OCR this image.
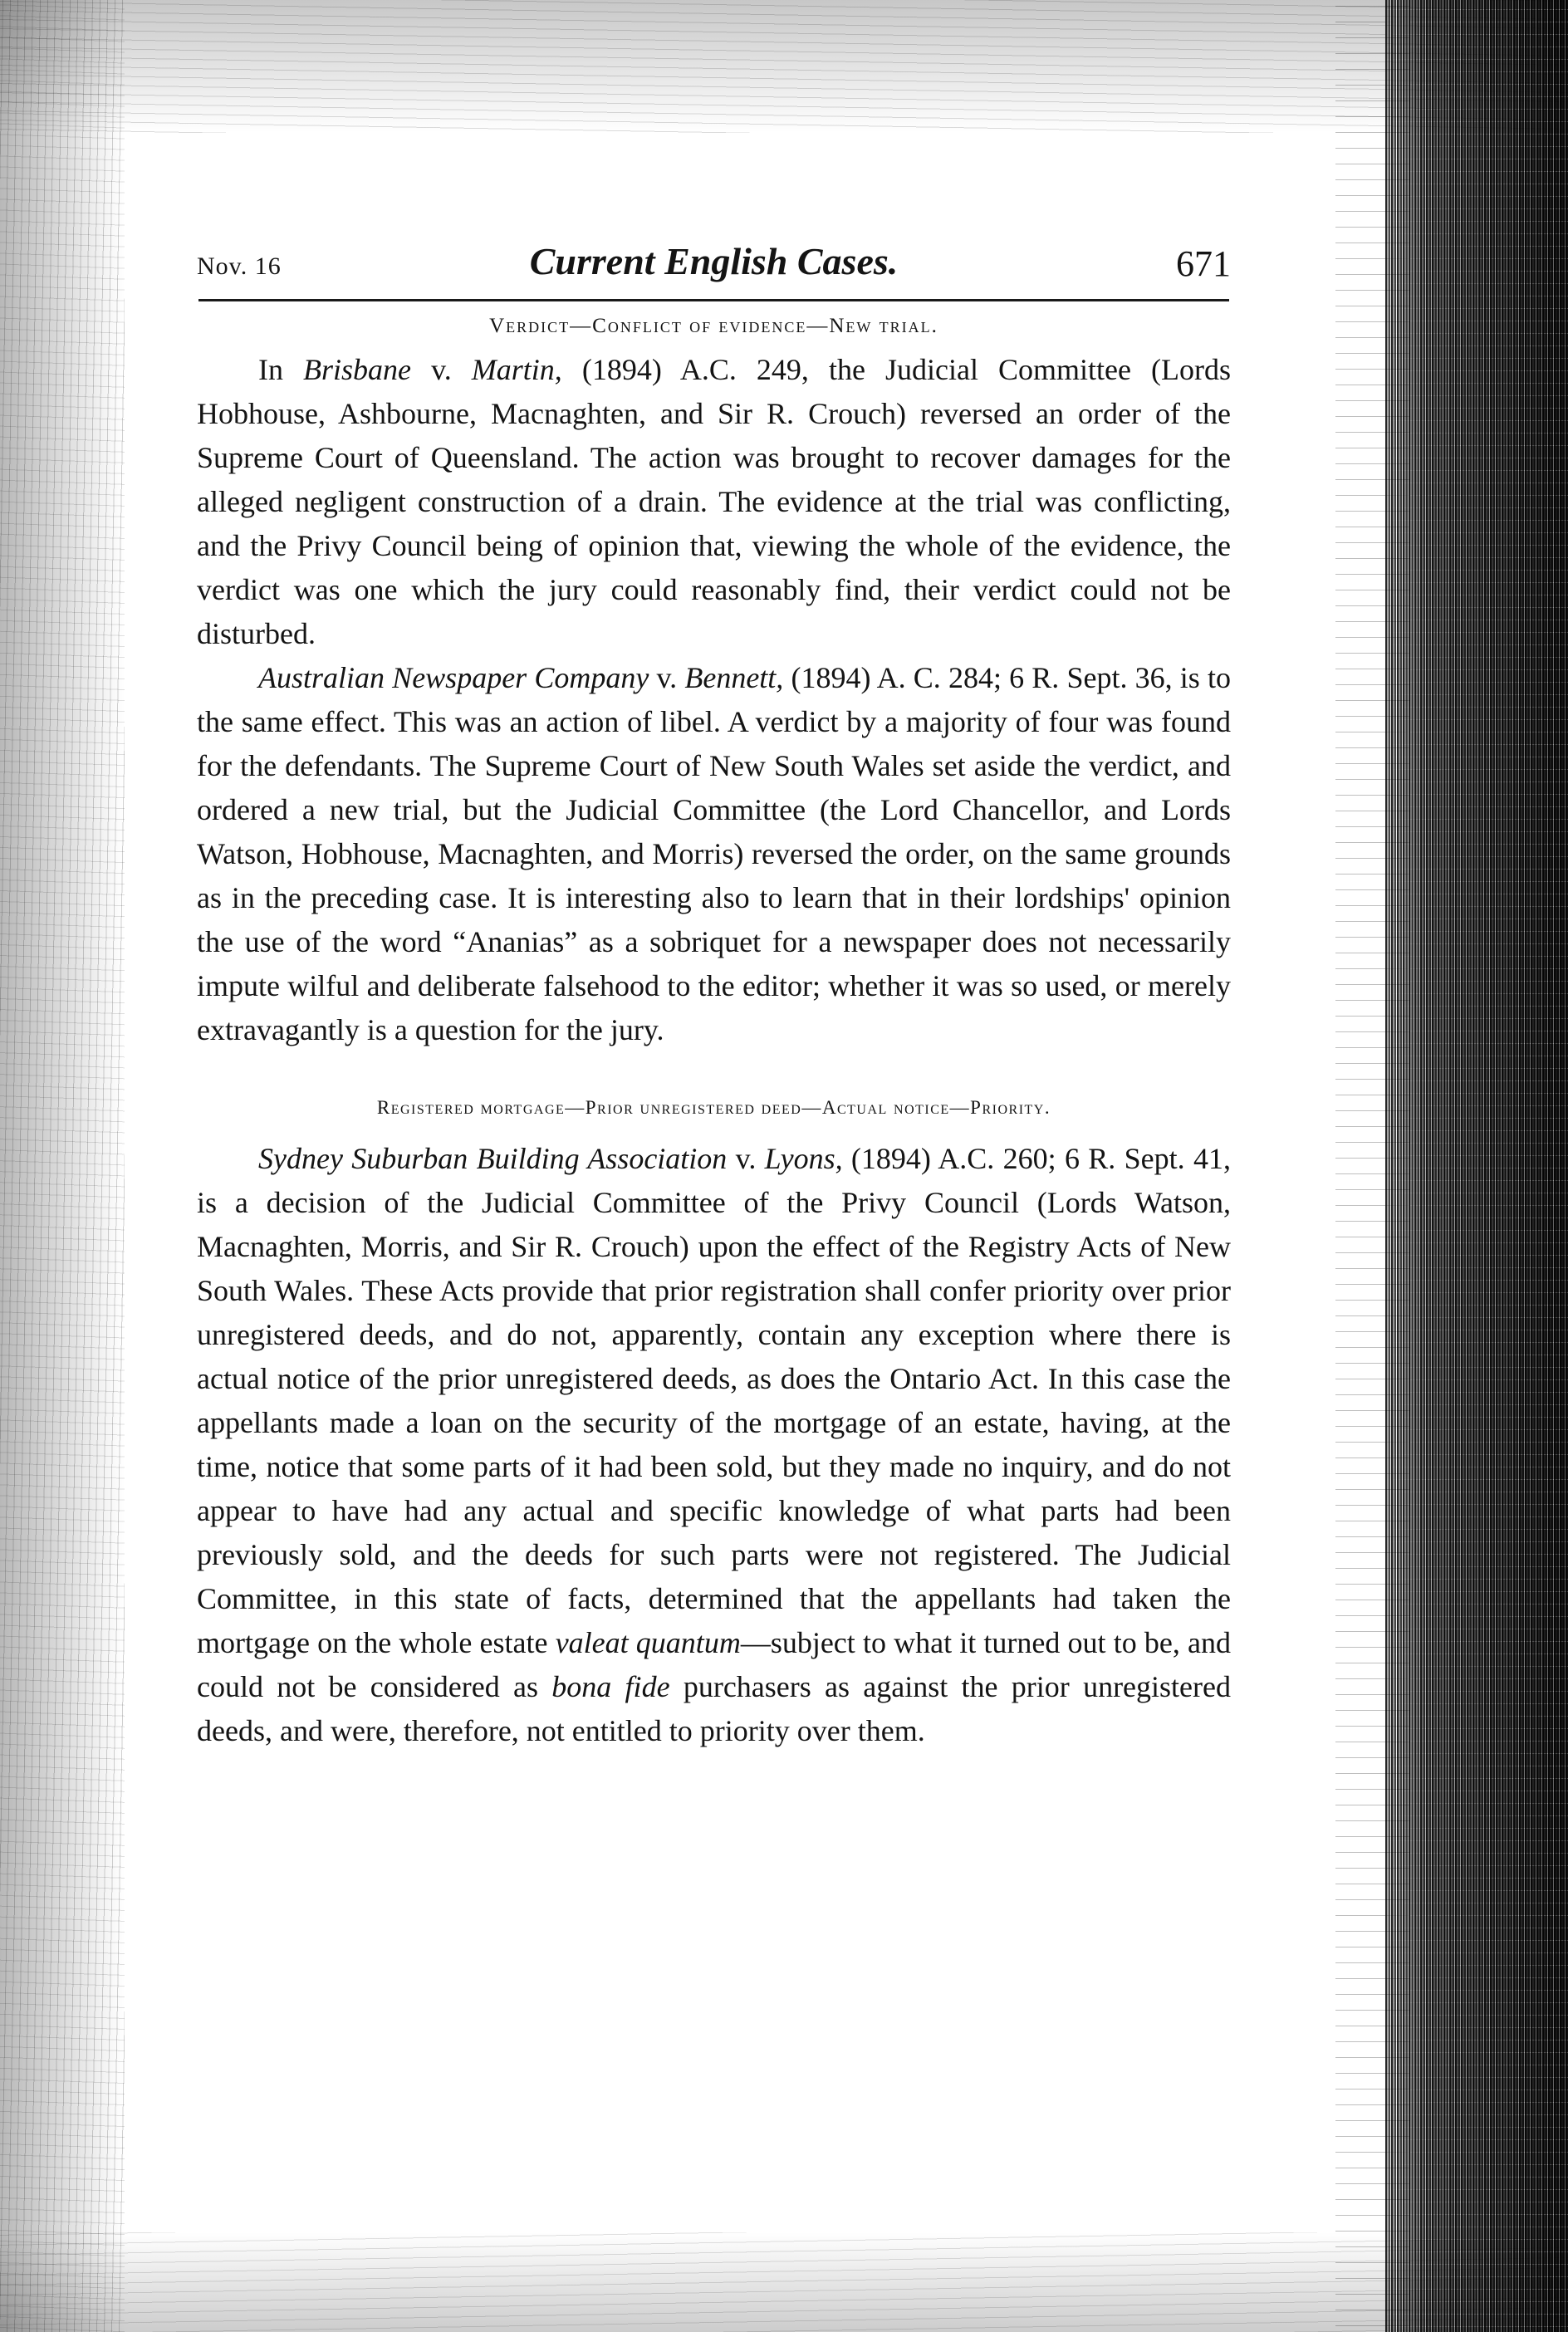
Nov. 16	Current English Cases.	671
Verdict—Conflict of evidence—New trial.

In Brisbane v. Martin, (1894) A.C. 249, the Judicial Committee (Lords Hobhouse, Ashbourne, Macnaghten, and Sir R. Crouch) reversed an order of the Supreme Court of Queensland. The action was brought to recover damages for the alleged negligent construction of a drain. The evidence at the trial was conflicting, and the Privy Council being of opinion that, viewing the whole of the evidence, the verdict was one which the jury could reasonably find, their verdict could not be disturbed.

Australian Newspaper Company v. Bennett, (1894) A. C. 284; 6 R. Sept. 36, is to the same effect. This was an action of libel. A verdict by a majority of four was found for the defendants. The Supreme Court of New South Wales set aside the verdict, and ordered a new trial, but the Judicial Committee (the Lord Chancellor, and Lords Watson, Hobhouse, Macnaghten, and Morris) reversed the order, on the same grounds as in the preceding case. It is interesting also to learn that in their lordships' opinion the use of the word “Ananias” as a sobriquet for a newspaper does not necessarily impute wilful and deliberate falsehood to the editor; whether it was so used, or merely extravagantly is a question for the jury.

Registered mortgage—Prior unregistered deed—Actual notice—Priority.

Sydney Suburban Building Association v. Lyons, (1894) A.C. 260; 6 R. Sept. 41, is a decision of the Judicial Committee of the Privy Council (Lords Watson, Macnaghten, Morris, and Sir R. Crouch) upon the effect of the Registry Acts of New South Wales. These Acts provide that prior registration shall confer priority over prior unregistered deeds, and do not, apparently, contain any exception where there is actual notice of the prior unregistered deeds, as does the Ontario Act. In this case the appellants made a loan on the security of the mortgage of an estate, having, at the time, notice that some parts of it had been sold, but they made no inquiry, and do not appear to have had any actual and specific knowledge of what parts had been previously sold, and the deeds for such parts were not registered. The Judicial Committee, in this state of facts, determined that the appellants had taken the mortgage on the whole estate valeat quantum—subject to what it turned out to be, and could not be considered as bona fide purchasers as against the prior unregistered deeds, and were, therefore, not entitled to priority over them.
